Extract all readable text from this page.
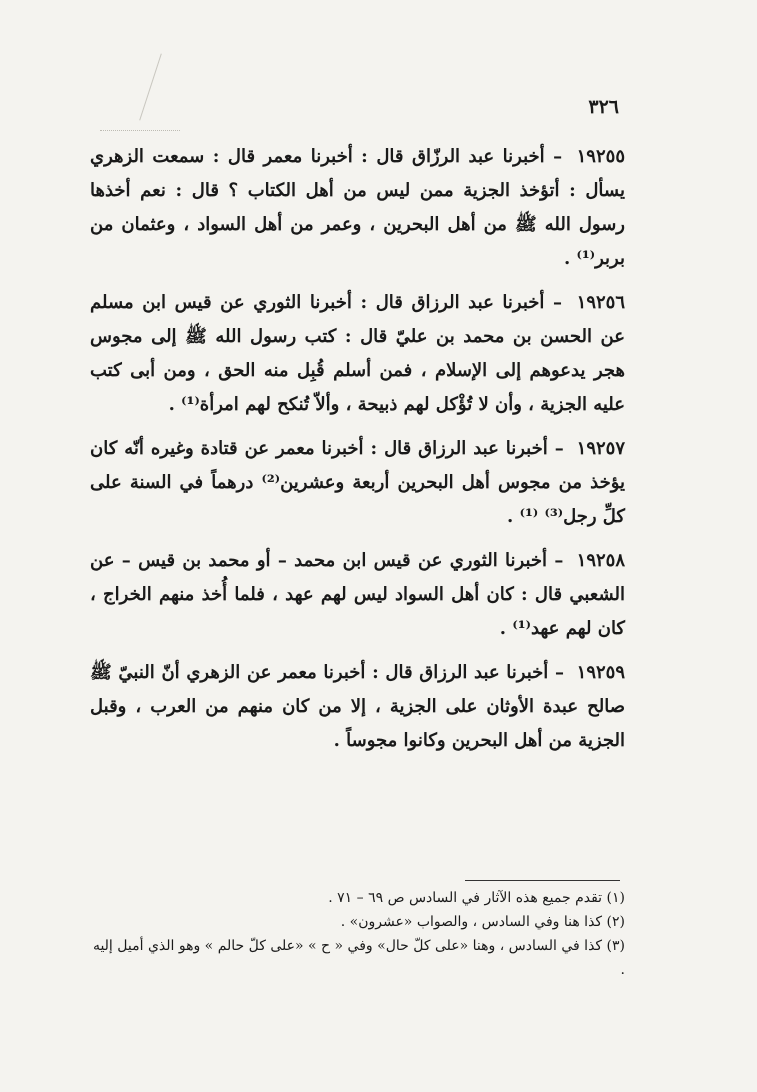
٣٢٦

١٩٢٥٥ – أخبرنا عبد الرزّاق قال : أخبرنا معمر قال : سمعت الزهري يسأل : أتؤخذ الجزية ممن ليس من أهل الكتاب ؟ قال : نعم أخذها رسول الله ﷺ من أهل البحرين ، وعمر من أهل السواد ، وعثمان من بربر⁽¹⁾ .

١٩٢٥٦ – أخبرنا عبد الرزاق قال : أخبرنا الثوري عن قيس ابن مسلم عن الحسن بن محمد بن عليّ قال : كتب رسول الله ﷺ إلى مجوس هجر يدعوهم إلى الإسلام ، فمن أسلم قُبِل منه الحق ، ومن أبى كتب عليه الجزية ، وأن لا تُؤْكل لهم ذبيحة ، وألاّ تُنكح لهم امرأة⁽¹⁾ .

١٩٢٥٧ – أخبرنا عبد الرزاق قال : أخبرنا معمر عن قتادة وغيره أنّه كان يؤخذ من مجوس أهل البحرين أربعة وعشرين⁽²⁾ درهماً في السنة على كلِّ رجل⁽³⁾ ⁽¹⁾ .

١٩٢٥٨ – أخبرنا الثوري عن قيس ابن محمد – أو محمد بن قيس – عن الشعبي قال : كان أهل السواد ليس لهم عهد ، فلما أُخذ منهم الخراج ، كان لهم عهد⁽¹⁾ .

١٩٢٥٩ – أخبرنا عبد الرزاق قال : أخبرنا معمر عن الزهري أنّ النبيّ ﷺ صالح عبدة الأوثان على الجزية ، إلا من كان منهم من العرب ، وقبل الجزية من أهل البحرين وكانوا مجوساً .

(١) تقدم جميع هذه الآثار في السادس ص ٦٩ – ٧١ .

(٢) كذا هنا وفي السادس ، والصواب «عشرون» .

(٣) كذا في السادس ، وهنا «على كلّ حال» وفي « ح » «على كلّ حالم » وهو الذي أميل إليه .
